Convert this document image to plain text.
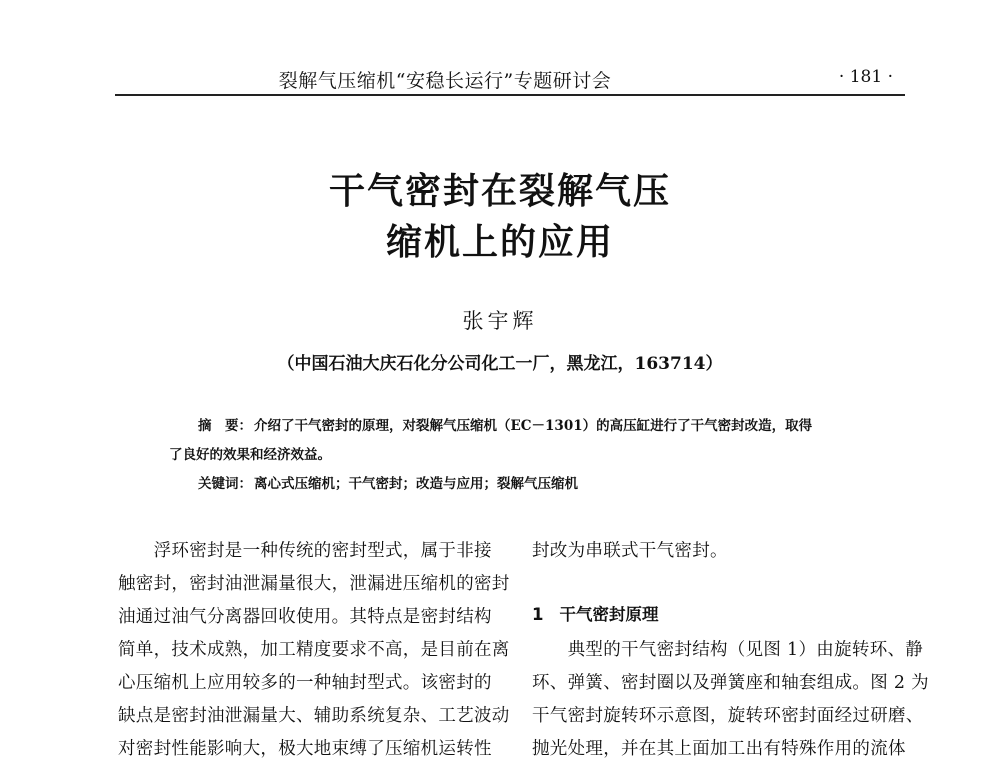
裂解气压缩机“安稳长运行”专题研讨会	· 181 ·
干气密封在裂解气压
缩机上的应用
张宇辉
（中国石油大庆石化分公司化工一厂，黑龙江，163714）
摘　要： 介绍了干气密封的原理，对裂解气压缩机（EC－1301）的高压缸进行了干气密封改造，取得
了良好的效果和经济效益。
关键词： 离心式压缩机；干气密封；改造与应用；裂解气压缩机
　　浮环密封是一种传统的密封型式，属于非接
触密封，密封油泄漏量很大，泄漏进压缩机的密封
油通过油气分离器回收使用。其特点是密封结构
简单，技术成熟，加工精度要求不高，是目前在离
心压缩机上应用较多的一种轴封型式。该密封的
缺点是密封油泄漏量大、辅助系统复杂、工艺波动
对密封性能影响大，极大地束缚了压缩机运转性
封改为串联式干气密封。
1 干气密封原理
　　典型的干气密封结构（见图 1）由旋转环、静
环、弹簧、密封圈以及弹簧座和轴套组成。图 2 为
干气密封旋转环示意图，旋转环密封面经过研磨、
抛光处理，并在其上面加工出有特殊作用的流体
